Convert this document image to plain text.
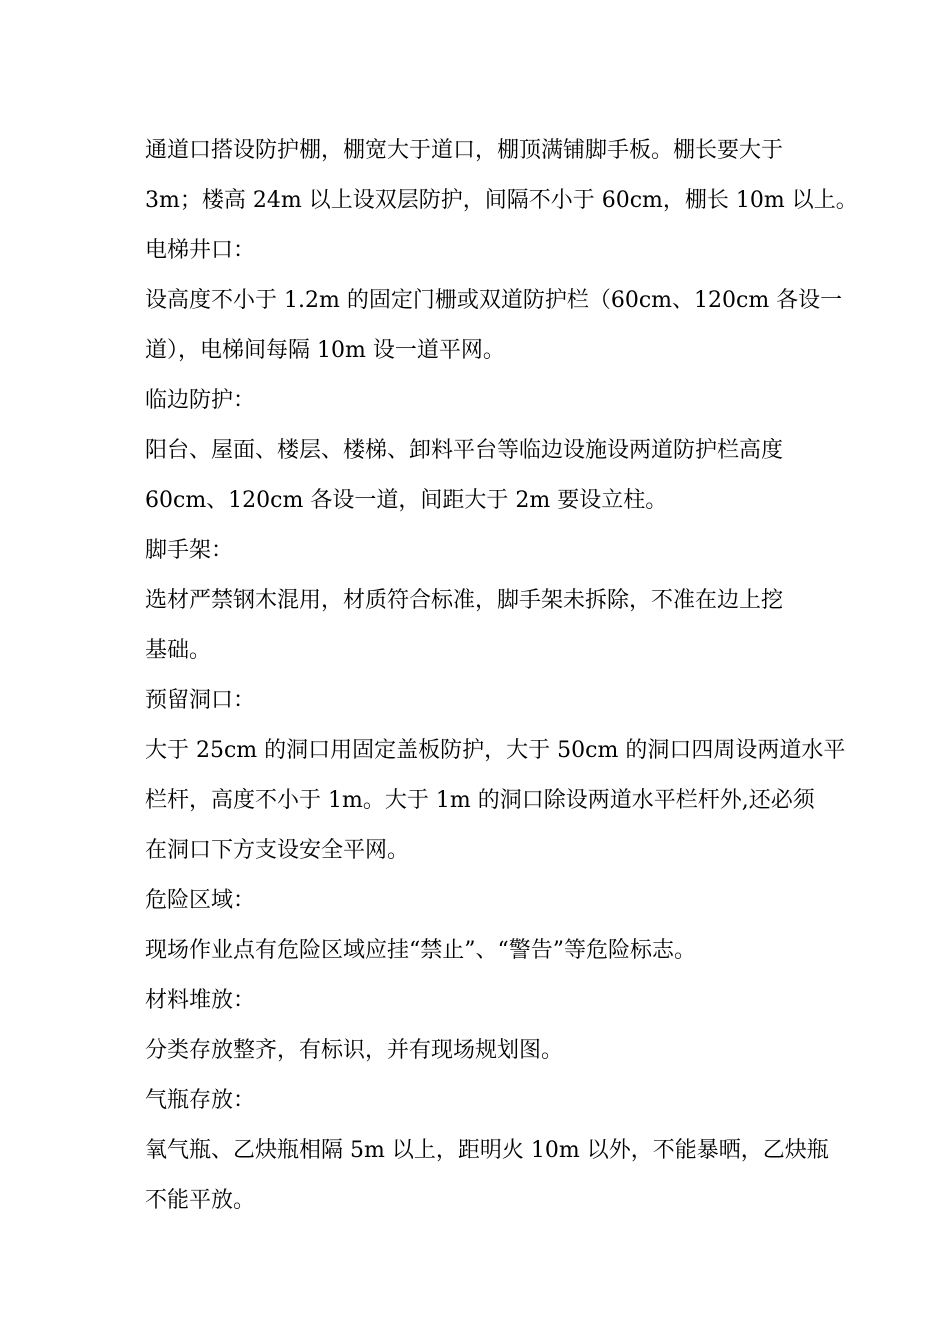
通道口搭设防护棚，棚宽大于道口，棚顶满铺脚手板。棚长要大于
3m；楼高 24m 以上设双层防护，间隔不小于 60cm，棚长 10m 以上。
电梯井口：
设高度不小于 1.2m 的固定门栅或双道防护栏（60cm、120cm 各设一
道），电梯间每隔 10m 设一道平网。
临边防护：
阳台、屋面、楼层、楼梯、卸料平台等临边设施设两道防护栏高度
60cm、120cm 各设一道，间距大于 2m 要设立柱。
脚手架：
选材严禁钢木混用，材质符合标准，脚手架未拆除，不准在边上挖
基础。
预留洞口：
大于 25cm 的洞口用固定盖板防护，大于 50cm 的洞口四周设两道水平
栏杆，高度不小于 1m。大于 1m 的洞口除设两道水平栏杆外,还必须
在洞口下方支设安全平网。
危险区域：
现场作业点有危险区域应挂“禁止”、“警告”等危险标志。
材料堆放：
分类存放整齐，有标识，并有现场规划图。
气瓶存放：
氧气瓶、乙炔瓶相隔 5m 以上，距明火 10m 以外，不能暴晒，乙炔瓶
不能平放。
